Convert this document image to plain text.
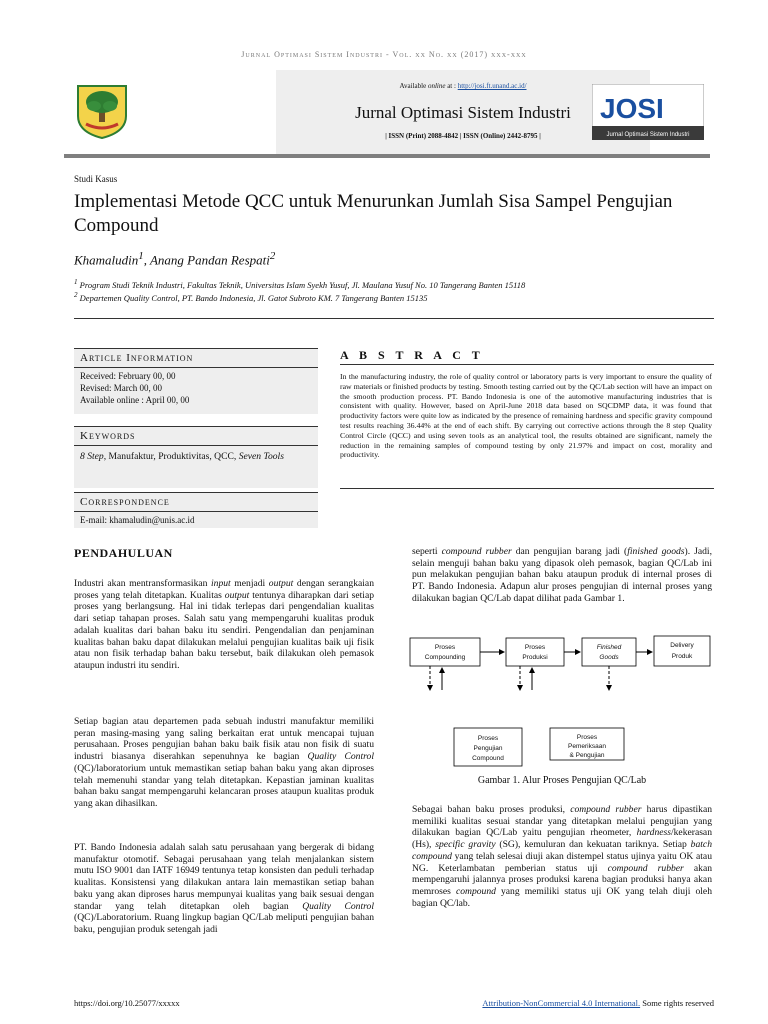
Jurnal Optimasi Sistem Industri - Vol. xx No. xx (2017) xxx-xxx
Available online at : http://josi.ft.unand.ac.id/
Jurnal Optimasi Sistem Industri
| ISSN (Print) 2088-4842 | ISSN (Online) 2442-8795 |
JOSI
Jurnal Optimasi Sistem Industri
Studi Kasus
Implementasi Metode QCC untuk Menurunkan Jumlah Sisa Sampel Pengujian Compound
Khamaludin$^1$, Anang Pandan Respati$^2$
$^1$ Program Studi Teknik Industri, Fakultas Teknik, Universitas Islam Syekh Yusuf, Jl. Maulana Yusuf No. 10 Tangerang Banten 15118
$^2$ Departemen Quality Control, PT. Bando Indonesia, Jl. Gatot Subroto KM. 7 Tangerang Banten 15135
Article Information
Received: February 00, 00
Revised: March 00, 00
Available online : April 00, 00
Keywords
8 Step, Manufaktur, Produktivitas, QCC, Seven Tools
Correspondence
E-mail: khamaludin@unis.ac.id
A B S T R A C T
In the manufacturing industry, the role of quality control or laboratory parts is very important to ensure the quality of raw materials or finished products by testing. Smooth testing carried out by the QC/Lab section will have an impact on the smooth production process. PT. Bando Indonesia is one of the automotive manufacturing industries that is consistent with quality. However, based on April-June 2018 data based on SQCDMP data, it was found that productivity factors were quite low as indicated by the presence of remaining hardness and specific gravity compound test results reaching 36.44% at the end of each shift. By carrying out corrective actions through the 8 step Quality Control Circle (QCC) and using seven tools as an analytical tool, the results obtained are significant, namely the reduction in the remaining samples of compound testing by only 21.97% and impact on cost, morality and productivity.
PENDAHULUAN
Industri akan mentransformasikan input menjadi output dengan serangkaian proses yang telah ditetapkan. Kualitas output tentunya diharapkan dari setiap proses yang berlangsung. Hal ini tidak terlepas dari pengendalian kualitas dari setiap tahapan proses. Salah satu yang mempengaruhi kualitas produk adalah kualitas dari bahan baku itu sendiri. Pengendalian dan penjaminan kualitas bahan baku dapat dilakukan melalui pengujian kualitas baik uji fisik atau non fisik terhadap bahan baku tersebut, baik dilakukan oleh pemasok ataupun industri itu sendiri.
Setiap bagian atau departemen pada sebuah industri manufaktur memiliki peran masing-masing yang saling berkaitan erat untuk mencapai tujuan perusahaan. Proses pengujian bahan baku baik fisik atau non fisik di suatu industri biasanya diserahkan sepenuhnya ke bagian Quality Control (QC)/laboratorium untuk memastikan setiap bahan baku yang akan diproses telah memenuhi standar yang telah ditetapkan. Kepastian jaminan kualitas bahan baku sangat mempengaruhi kelancaran proses ataupun kualitas produk yang akan dihasilkan.
PT. Bando Indonesia adalah salah satu perusahaan yang bergerak di bidang manufaktur otomotif. Sebagai perusahaan yang telah menjalankan sistem mutu ISO 9001 dan IATF 16949 tentunya tetap konsisten dan peduli terhadap kualitas. Konsistensi yang dilakukan antara lain memastikan setiap bahan baku yang akan diproses harus mempunyai kualitas yang baik sesuai dengan standar yang telah ditetapkan oleh bagian Quality Control (QC)/Laboratorium. Ruang lingkup bagian QC/Lab meliputi pengujian bahan baku, pengujian produk setengah jadi
seperti compound rubber dan pengujian barang jadi (finished goods). Jadi, selain menguji bahan baku yang dipasok oleh pemasok, bagian QC/Lab ini pun melakukan pengujian bahan baku ataupun produk di internal proses di PT. Bando Indonesia. Adapun alur proses pengujian di internal proses yang dilakukan bagian QC/Lab dapat dilihat pada Gambar 1.
Proses
Compounding
Proses
Produksi
Finished
Goods
Delivery
Produk
Proses
Pengujian
Compound
Proses
Pemeriksaan
& Pengujian
Gambar 1. Alur Proses Pengujian QC/Lab
Sebagai bahan baku proses produksi, compound rubber harus dipastikan memiliki kualitas sesuai standar yang ditetapkan melalui pengujian yang dilakukan bagian QC/Lab yaitu pengujian rheometer, hardness/kekerasan (Hs), specific gravity (SG), kemuluran dan kekuatan tariknya. Setiap batch compound yang telah selesai diuji akan distempel status ujinya yaitu OK atau NG. Keterlambatan pemberian status uji compound rubber akan mempengaruhi jalannya proses produksi karena bagian produksi hanya akan memroses compound yang memiliki status uji OK yang telah diuji oleh bagian QC/lab.
https://doi.org/10.25077/xxxxx	Attribution-NonCommercial 4.0 International. Some rights reserved
